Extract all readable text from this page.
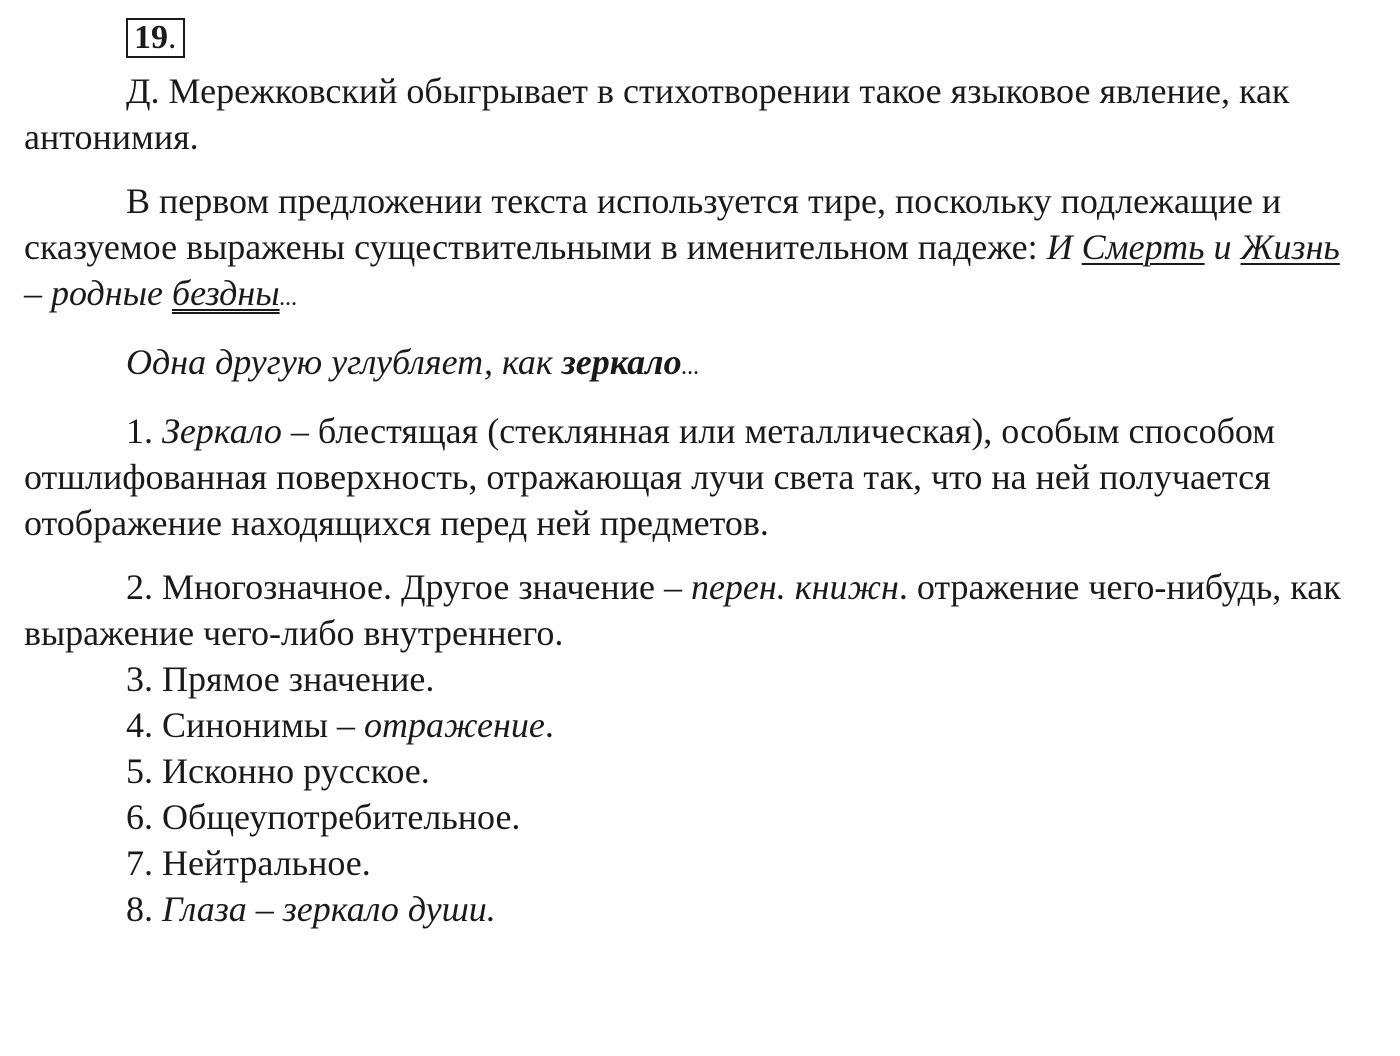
19.

Д. Мережковский обыгрывает в стихотворении такое языковое явление, как антонимия.

В первом предложении текста используется тире, поскольку подлежащие и сказуемое выражены существительными в именительном падеже: И Смерть и Жизнь – родные бездны...

Одна другую углубляет, как зеркало...

1. Зеркало – блестящая (стеклянная или металлическая), особым способом отшлифованная поверхность, отражающая лучи света так, что на ней получается отображение находящихся перед ней предметов.

2. Многозначное. Другое значение – перен. книжн. отражение чего-нибудь, как выражение чего-либо внутреннего.

3. Прямое значение.

4. Синонимы – отражение.

5. Исконно русское.

6. Общеупотребительное.

7. Нейтральное.

8. Глаза – зеркало души.
